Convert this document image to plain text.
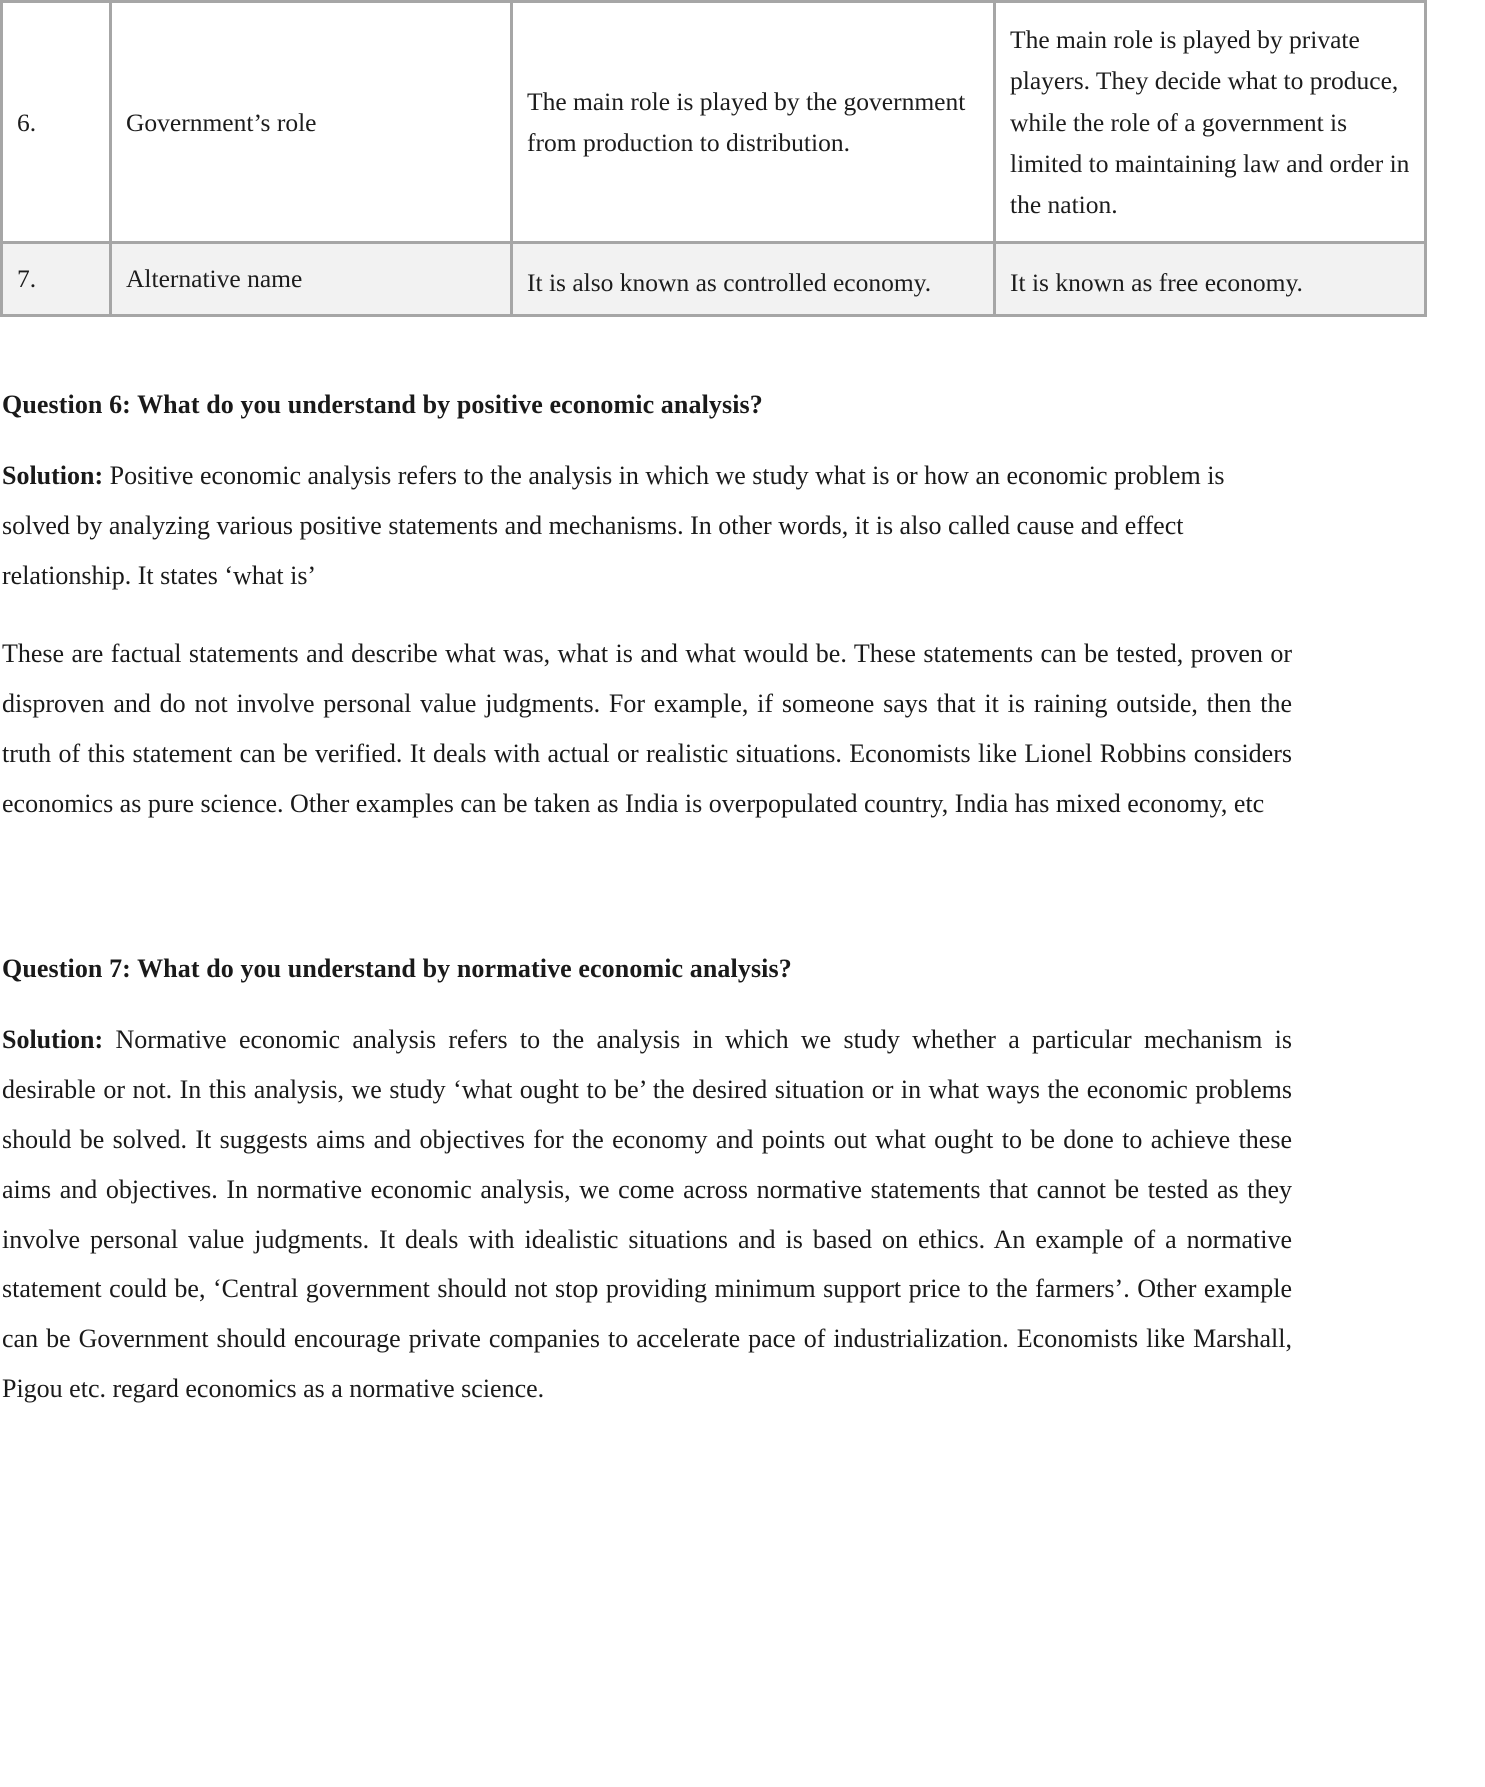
6.	Government’s role	The main role is played by the government from production to distribution.	The main role is played by private players. They decide what to produce, while the role of a government is limited to maintaining law and order in the nation.

7.	Alternative name	It is also known as controlled economy.	It is known as free economy.
Question 6: What do you understand by positive economic analysis?

Solution: Positive economic analysis refers to the analysis in which we study what is or how an economic problem is solved by analyzing various positive statements and mechanisms. In other words, it is also called cause and effect relationship. It states ‘what is’

These are factual statements and describe what was, what is and what would be. These statements can be tested, proven or disproven and do not involve personal value judgments. For example, if someone says that it is raining outside, then the truth of this statement can be verified. It deals with actual or realistic situations. Economists like Lionel Robbins considers economics as pure science. Other examples can be taken as India is overpopulated country, India has mixed economy, etc

Question 7: What do you understand by normative economic analysis?

Solution: Normative economic analysis refers to the analysis in which we study whether a particular mechanism is desirable or not. In this analysis, we study ‘what ought to be’ the desired situation or in what ways the economic problems should be solved. It suggests aims and objectives for the economy and points out what ought to be done to achieve these aims and objectives. In normative economic analysis, we come across normative statements that cannot be tested as they involve personal value judgments. It deals with idealistic situations and is based on ethics. An example of a normative statement could be, ‘Central government should not stop providing minimum support price to the farmers’. Other example can be Government should encourage private companies to accelerate pace of industrialization. Economists like Marshall, Pigou etc. regard economics as a normative science.
